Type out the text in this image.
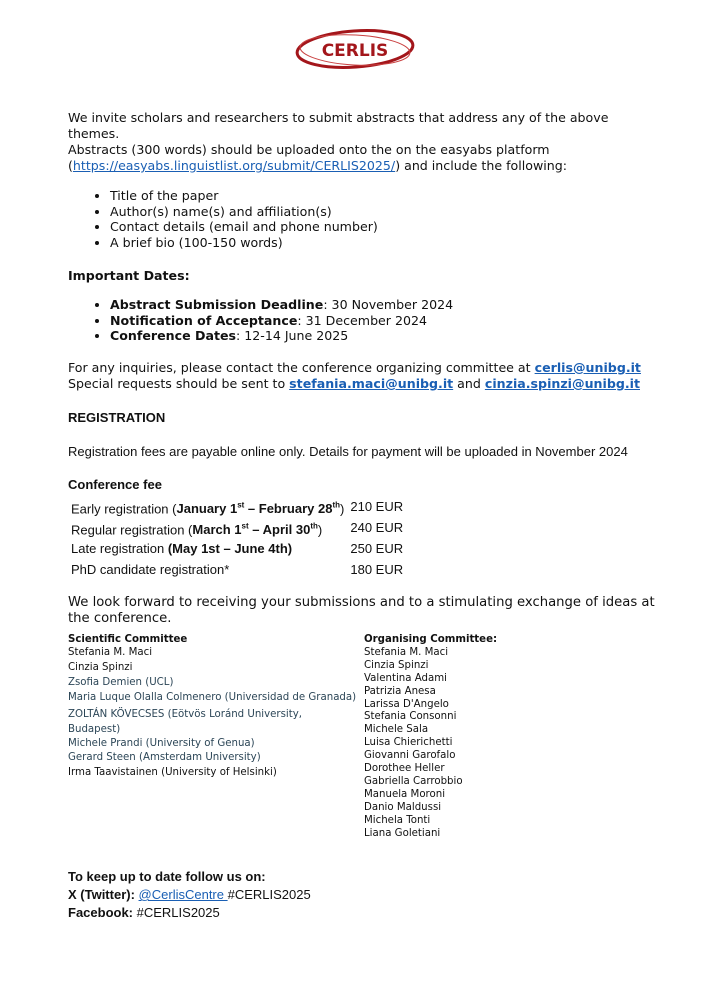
CERLIS

We invite scholars and researchers to submit abstracts that address any of the above themes.

Abstracts (300 words) should be uploaded onto the on the easyabs platform

(https://easyabs.linguistlist.org/submit/CERLIS2025/) and include the following:

• Title of the paper
• Author(s) name(s) and affiliation(s)
• Contact details (email and phone number)
• A brief bio (100-150 words)

Important Dates:

• Abstract Submission Deadline: 30 November 2024
• Notification of Acceptance: 31 December 2024
• Conference Dates: 12-14 June 2025

For any inquiries, please contact the conference organizing committee at cerlis@unibg.it

Special requests should be sent to stefania.maci@unibg.it and cinzia.spinzi@unibg.it

REGISTRATION

Registration fees are payable online only. Details for payment will be uploaded in November 2024

Conference fee

Early registration (January 1st – February 28th)	210 EUR
Regular registration (March 1st – April 30th)	240 EUR
Late registration (May 1st – June 4th)	250 EUR
PhD candidate registration*	180 EUR

We look forward to receiving your submissions and to a stimulating exchange of ideas at the conference.

Scientific Committee
Stefania M. Maci
Cinzia Spinzi
Zsofia Demien (UCL)
Maria Luque Olalla Colmenero (Universidad de Granada)
ZOLTÁN KÖVECSES (Eötvös Loránd University, Budapest)
Michele Prandi (University of Genua)
Gerard Steen (Amsterdam University)
Irma Taavistainen (University of Helsinki)
Organising Committee:
Stefania M. Maci
Cinzia Spinzi
Valentina Adami
Patrizia Anesa
Larissa D'Angelo
Stefania Consonni
Michele Sala
Luisa Chierichetti
Giovanni Garofalo
Dorothee Heller
Gabriella Carrobbio
Manuela Moroni
Danio Maldussi
Michela Tonti
Liana Goletiani
To keep up to date follow us on:
X (Twitter): @CerlisCentre #CERLIS2025
Facebook: #CERLIS2025
